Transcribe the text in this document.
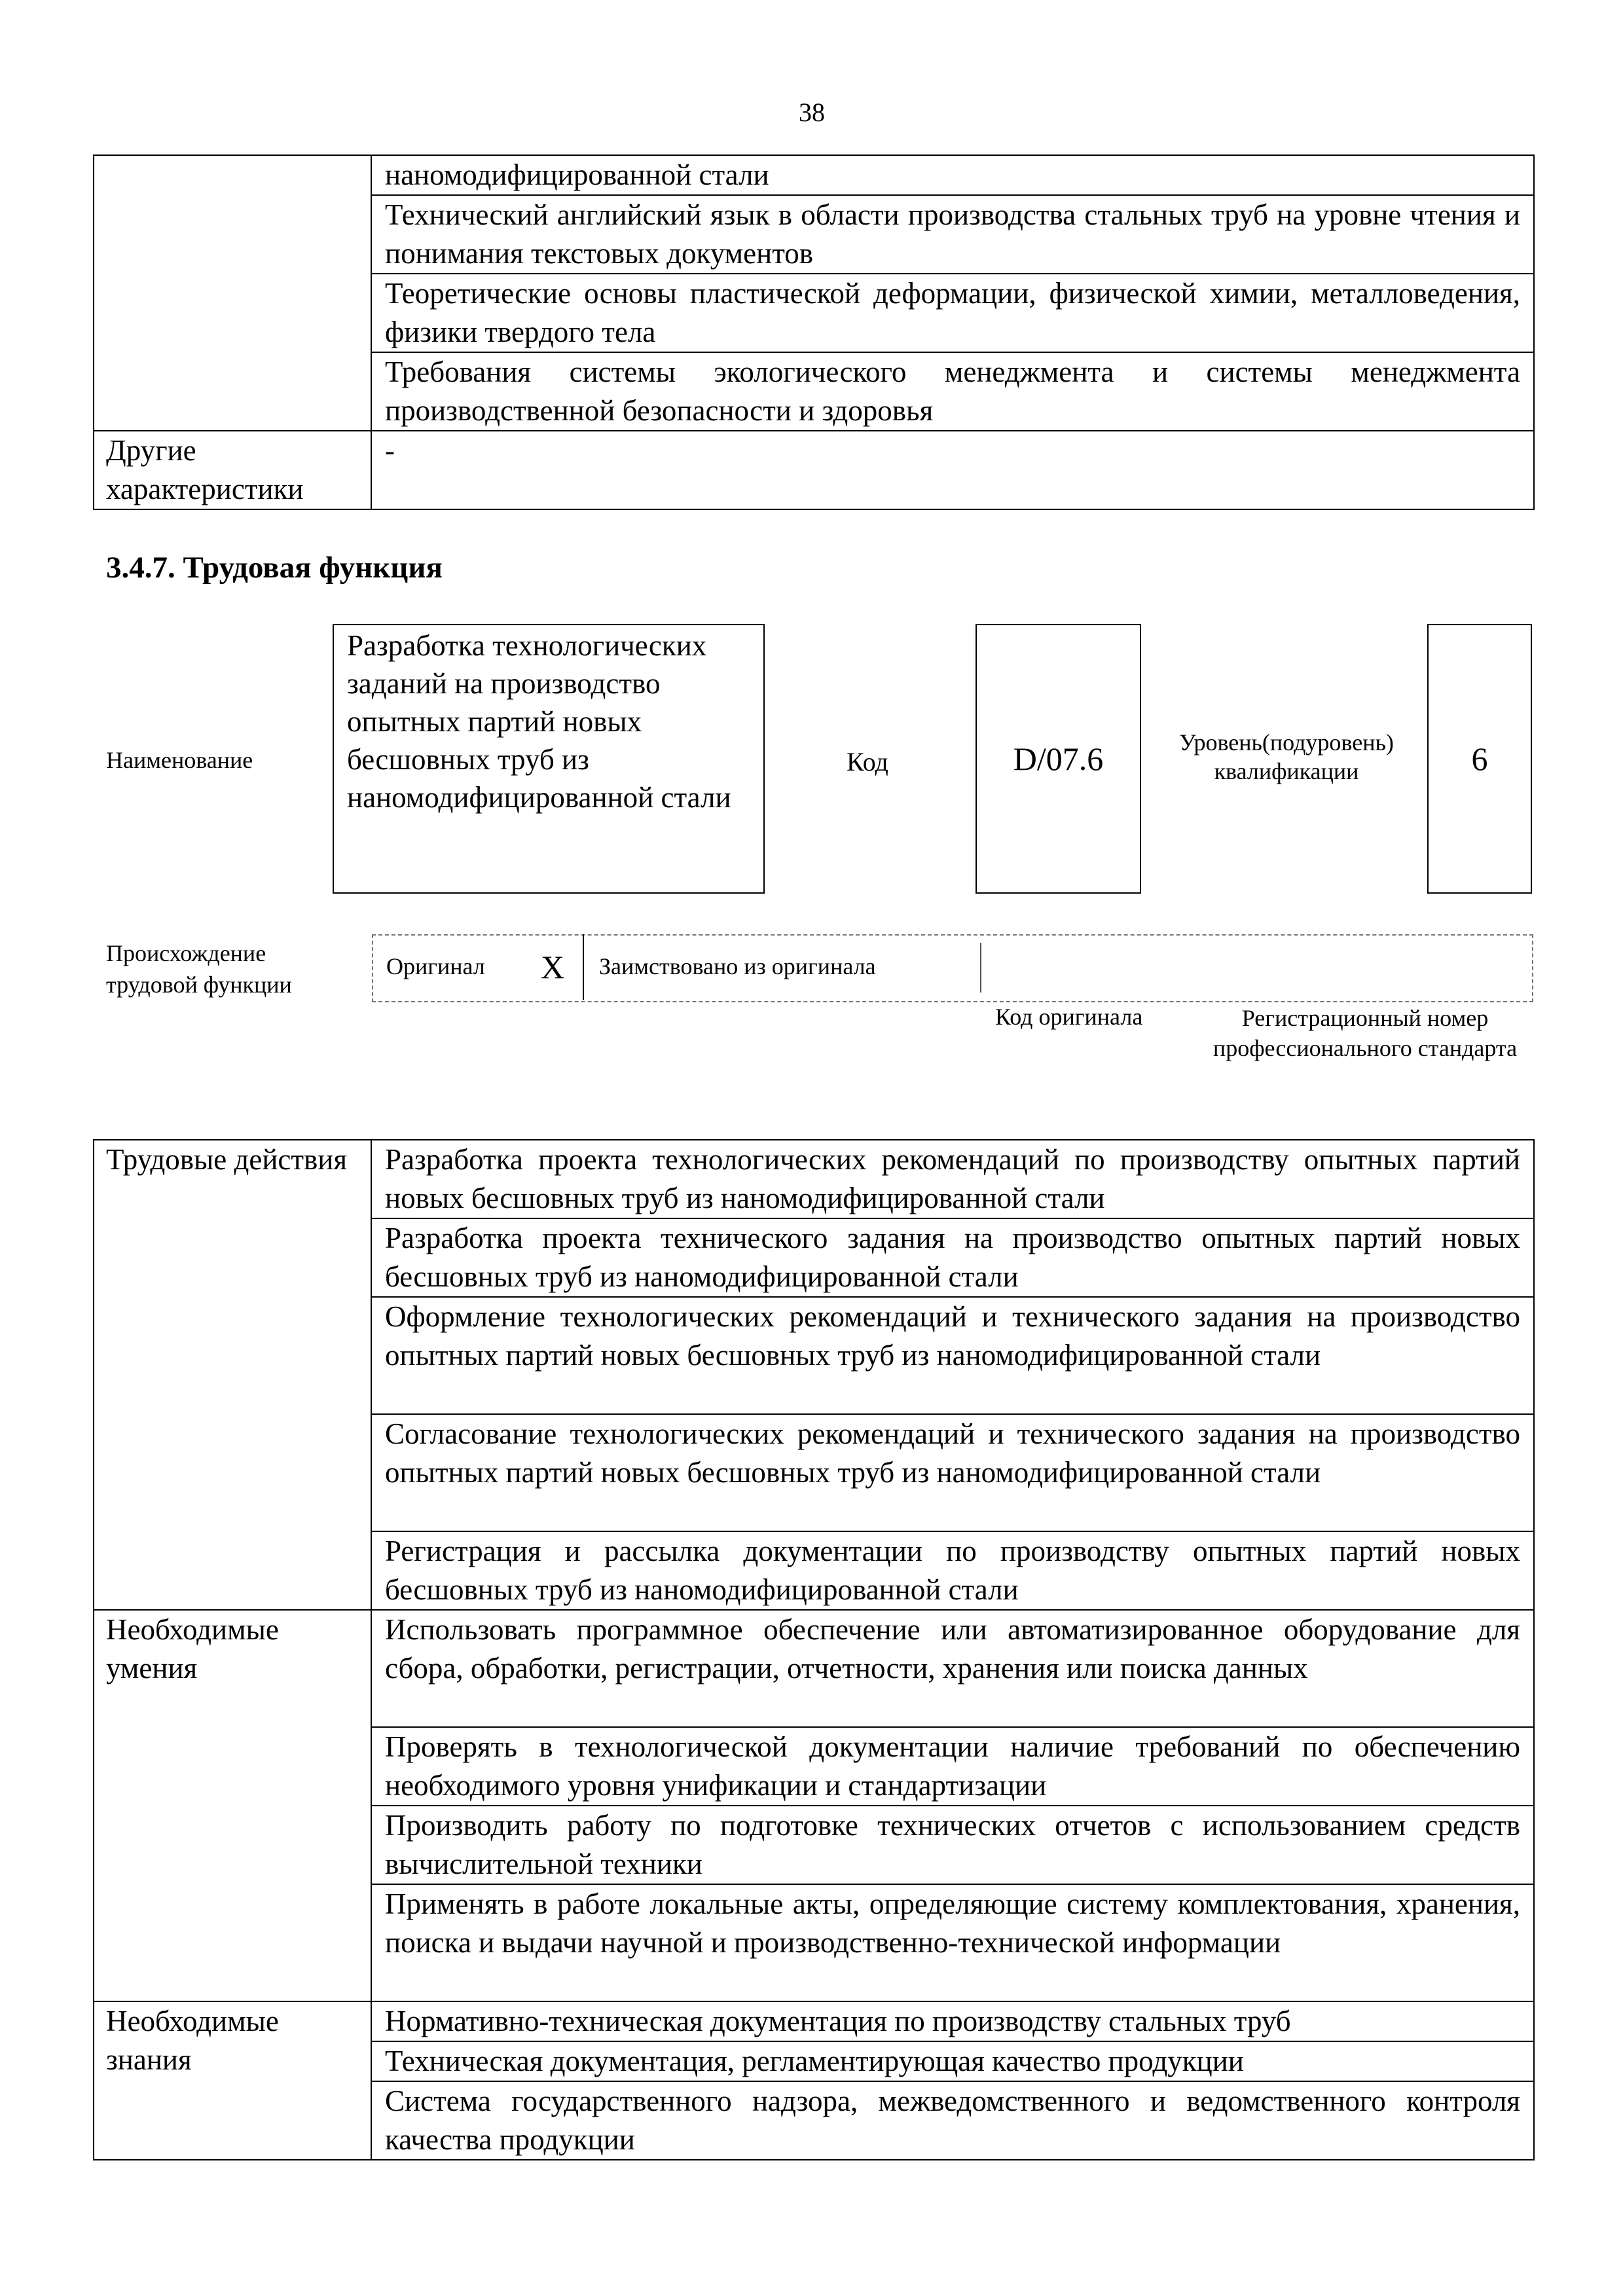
38
	наномодифицированной стали
	Технический английский язык в области производства стальных труб на уровне чтения и понимания текстовых документов
	Теоретические основы пластической деформации, физической химии, металловедения, физики твердого тела
	Требования системы экологического менеджмента и системы менеджмента производственной безопасности и здоровья
Другие характеристики	-
3.4.7. Трудовая функция
Наименование
Разработка технологических заданий на производство опытных партий новых бесшовных труб из наномодифицированной стали
Код	D/07.6	Уровень(подуровень) квалификации	6
Происхождение трудовой функции
Оригинал X Заимствовано из оригинала
Код оригинала	Регистрационный номер профессионального стандарта
Трудовые действия	Разработка проекта технологических рекомендаций по производству опытных партий новых бесшовных труб из наномодифицированной стали
	Разработка проекта технического задания на производство опытных партий новых бесшовных труб из наномодифицированной стали
	Оформление технологических рекомендаций и технического задания на производство опытных партий новых бесшовных труб из наномодифицированной стали
	Согласование технологических рекомендаций и технического задания на производство опытных партий новых бесшовных труб из наномодифицированной стали
	Регистрация и рассылка документации по производству опытных партий новых бесшовных труб из наномодифицированной стали
Необходимые умения	Использовать программное обеспечение или автоматизированное оборудование для сбора, обработки, регистрации, отчетности, хранения или поиска данных
	Проверять в технологической документации наличие требований по обеспечению необходимого уровня унификации и стандартизации
	Производить работу по подготовке технических отчетов с использованием средств вычислительной техники
	Применять в работе локальные акты, определяющие систему комплектования, хранения, поиска и выдачи научной и производственно-технической информации
Необходимые знания	Нормативно-техническая документация по производству стальных труб
	Техническая документация, регламентирующая качество продукции
	Система государственного надзора, межведомственного и ведомственного контроля качества продукции
